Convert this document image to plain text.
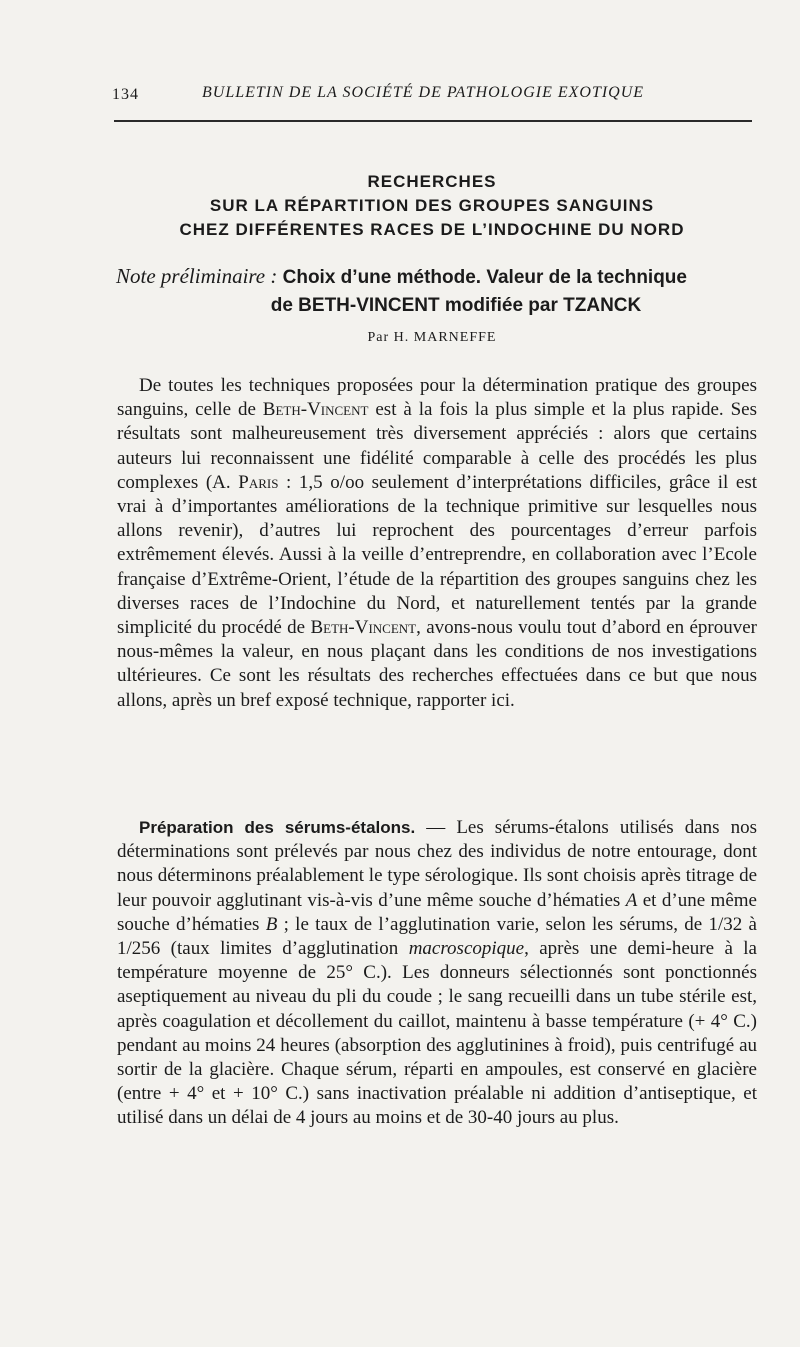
134	BULLETIN DE LA SOCIÉTÉ DE PATHOLOGIE EXOTIQUE
RECHERCHES
SUR LA RÉPARTITION DES GROUPES SANGUINS
CHEZ DIFFÉRENTES RACES DE L’INDOCHINE DU NORD
Note préliminaire : Choix d’une méthode. Valeur de la technique
de BETH-VINCENT modifiée par TZANCK
Par H. MARNEFFE

De toutes les techniques proposées pour la détermination pratique des groupes sanguins, celle de Beth-Vincent est à la fois la plus simple et la plus rapide. Ses résultats sont malheureusement très diversement appréciés : alors que certains auteurs lui reconnaissent une fidélité comparable à celle des procédés les plus complexes (A. Paris : 1,5 o/oo seulement d’interprétations difficiles, grâce il est vrai à d’importantes améliorations de la technique primitive sur lesquelles nous allons revenir), d’autres lui reprochent des pourcentages d’erreur parfois extrêmement élevés. Aussi à la veille d’entreprendre, en collaboration avec l’Ecole française d’Extrême-Orient, l’étude de la répartition des groupes sanguins chez les diverses races de l’Indochine du Nord, et naturellement tentés par la grande simplicité du procédé de Beth-Vincent, avons-nous voulu tout d’abord en éprouver nous-mêmes la valeur, en nous plaçant dans les conditions de nos investigations ultérieures. Ce sont les résultats des recherches effectuées dans ce but que nous allons, après un bref exposé technique, rapporter ici.

Préparation des sérums-étalons. — Les sérums-étalons utilisés dans nos déterminations sont prélevés par nous chez des individus de notre entourage, dont nous déterminons préalablement le type sérologique. Ils sont choisis après titrage de leur pouvoir agglutinant vis-à-vis d’une même souche d’hématies A et d’une même souche d’hématies B ; le taux de l’agglutination varie, selon les sérums, de 1/32 à 1/256 (taux limites d’agglutination macroscopique, après une demi-heure à la température moyenne de 25° C.). Les donneurs sélectionnés sont ponctionnés aseptiquement au niveau du pli du coude ; le sang recueilli dans un tube stérile est, après coagulation et décollement du caillot, maintenu à basse température (+ 4° C.) pendant au moins 24 heures (absorption des agglutinines à froid), puis centrifugé au sortir de la glacière. Chaque sérum, réparti en ampoules, est conservé en glacière (entre + 4° et + 10° C.) sans inactivation préalable ni addition d’antiseptique, et utilisé dans un délai de 4 jours au moins et de 30-40 jours au plus.
